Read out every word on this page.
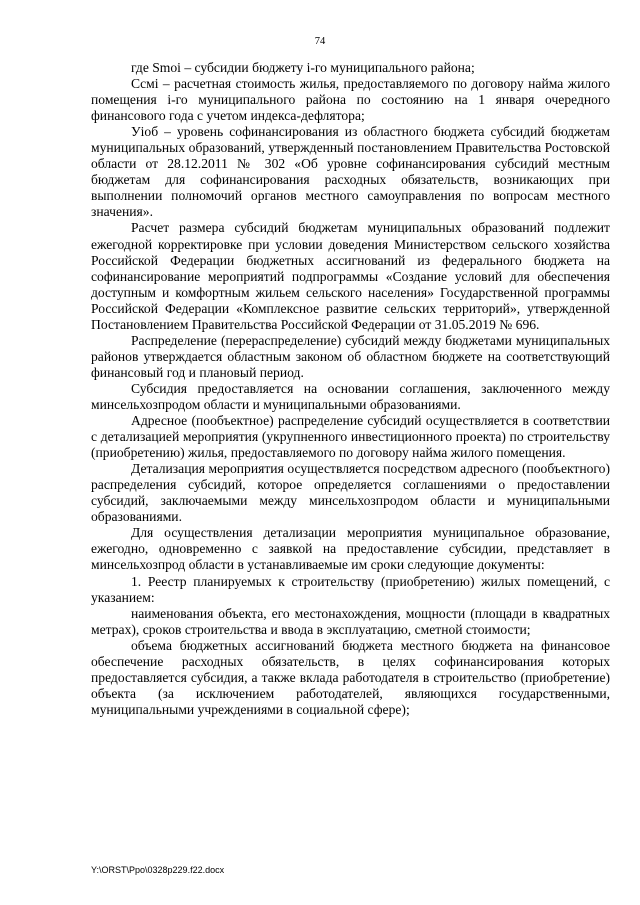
74

где Smoi – субсидии бюджету i-го муниципального района;

Ccмi – расчетная стоимость жилья, предоставляемого по договору найма жилого помещения i-го муниципального района по состоянию на 1 января очередного финансового года с учетом индекса-дефлятора;

Уioб – уровень софинансирования из областного бюджета субсидий бюджетам муниципальных образований, утвержденный постановлением Правительства Ростовской области от 28.12.2011 № 302 «Об уровне софинансирования субсидий местным бюджетам для софинансирования расходных обязательств, возникающих при выполнении полномочий органов местного самоуправления по вопросам местного значения».

Расчет размера субсидий бюджетам муниципальных образований подлежит ежегодной корректировке при условии доведения Министерством сельского хозяйства Российской Федерации бюджетных ассигнований из федерального бюджета на софинансирование мероприятий подпрограммы «Создание условий для обеспечения доступным и комфортным жильем сельского населения» Государственной программы Российской Федерации «Комплексное развитие сельских территорий», утвержденной Постановлением Правительства Российской Федерации от 31.05.2019 № 696.

Распределение (перераспределение) субсидий между бюджетами муниципальных районов утверждается областным законом об областном бюджете на соответствующий финансовый год и плановый период.

Субсидия предоставляется на основании соглашения, заключенного между минсельхозпродом области и муниципальными образованиями.

Адресное (пообъектное) распределение субсидий осуществляется в соответствии с детализацией мероприятия (укрупненного инвестиционного проекта) по строительству (приобретению) жилья, предоставляемого по договору найма жилого помещения.

Детализация мероприятия осуществляется посредством адресного (пообъектного) распределения субсидий, которое определяется соглашениями о предоставлении субсидий, заключаемыми между минсельхозпродом области и муниципальными образованиями.

Для осуществления детализации мероприятия муниципальное образование, ежегодно, одновременно с заявкой на предоставление субсидии, представляет в минсельхозпрод области в устанавливаемые им сроки следующие документы:

1. Реестр планируемых к строительству (приобретению) жилых помещений, с указанием:

наименования объекта, его местонахождения, мощности (площади в квадратных метрах), сроков строительства и ввода в эксплуатацию, сметной стоимости;

объема бюджетных ассигнований бюджета местного бюджета на финансовое обеспечение расходных обязательств, в целях софинансирования которых предоставляется субсидия, а также вклада работодателя в строительство (приобретение) объекта (за исключением работодателей, являющихся государственными, муниципальными учреждениями в социальной сфере);

Y:\ORST\Ppo\0328p229.f22.docx
